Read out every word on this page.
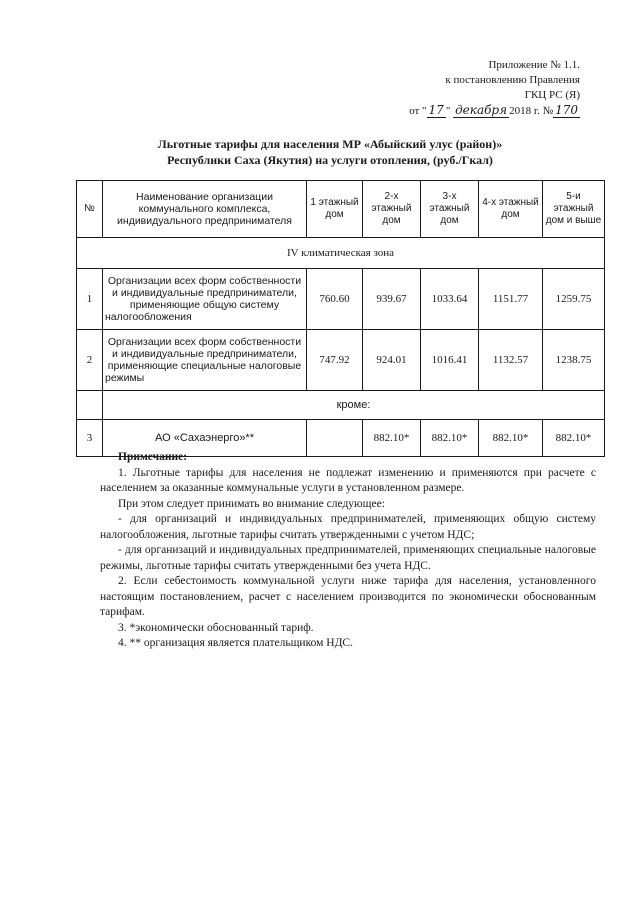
Приложение № 1.1.
к постановлению Правления
ГКЦ РС (Я)
от " 17 " декабря 2018 г. № 170
Льготные тарифы для населения МР «Абыйский улус (район)»
Республики Саха (Якутия) на услуги отопления, (руб./Гкал)
№	Наименование организации коммунального комплекса, индивидуального предпринимателя	1 этажный дом	2-х этажный дом	3-х этажный дом	4-х этажный дом	5-и этажный дом и выше
IV климатическая зона						
1	Организации всех форм собственности и индивидуальные предприниматели, применяющие общую систему налогообложения	760.60	939.67	1033.64	1151.77	1259.75
2	Организации всех форм собственности и индивидуальные предприниматели, применяющие специальные налоговые режимы	747.92	924.01	1016.41	1132.57	1238.75
	кроме:					
3	АО «Сахаэнерго»**		882.10*	882.10*	882.10*	882.10*
Примечание:

1. Льготные тарифы для населения не подлежат изменению и применяются при расчете с населением за оказанные коммунальные услуги в установленном размере.

При этом следует принимать во внимание следующее:

- для организаций и индивидуальных предпринимателей, применяющих общую систему налогообложения, льготные тарифы считать утвержденными с учетом НДС;

- для организаций и индивидуальных предпринимателей, применяющих специальные налоговые режимы, льготные тарифы считать утвержденными без учета НДС.

2. Если себестоимость коммунальной услуги ниже тарифа для населения, установленного настоящим постановлением, расчет с населением производится по экономически обоснованным тарифам.

3. *экономически обоснованный тариф.

4. ** организация является плательщиком НДС.
